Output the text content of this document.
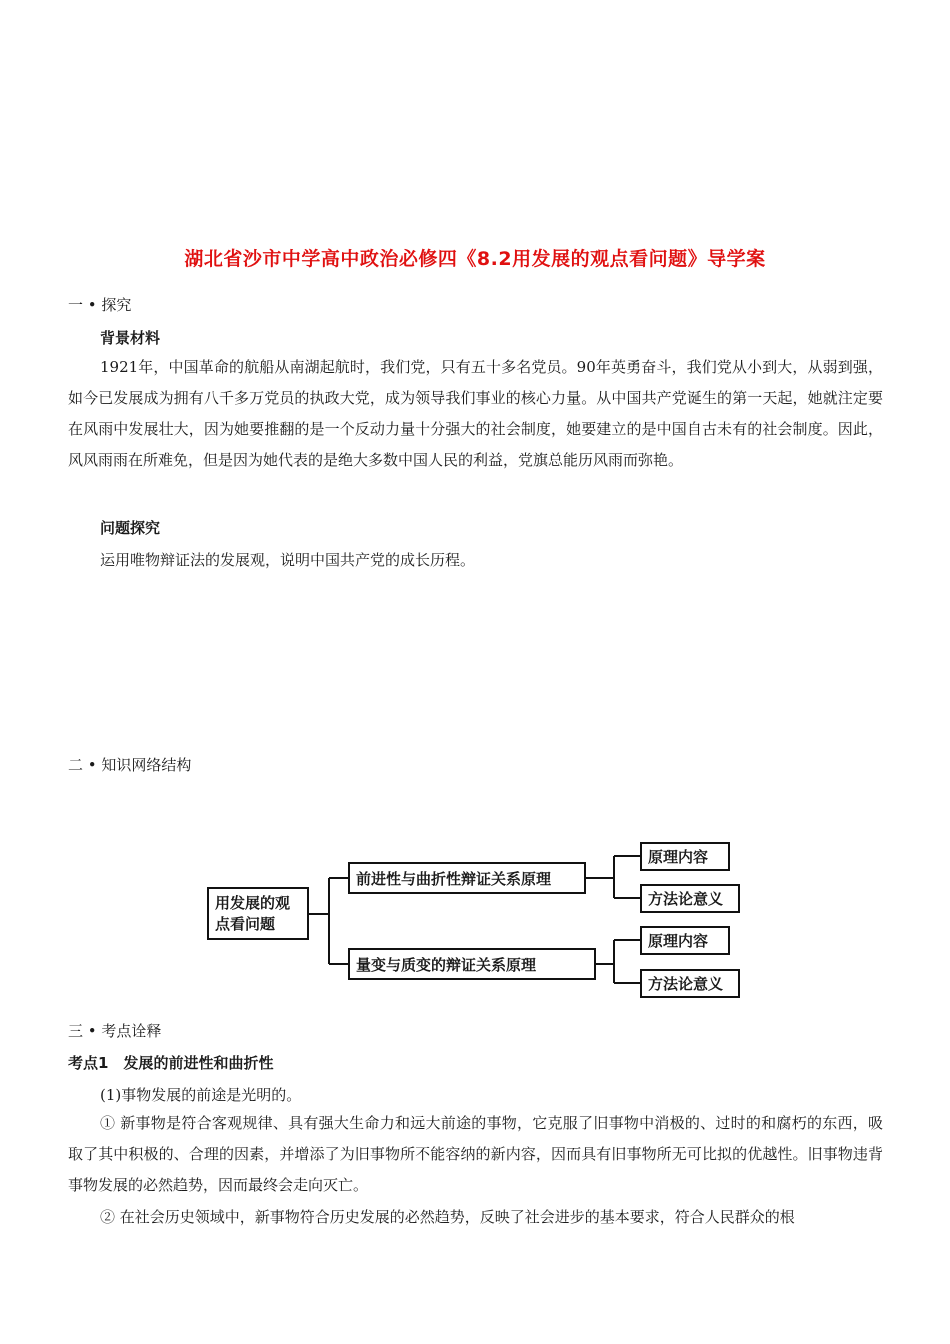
湖北省沙市中学高中政治必修四《8.2用发展的观点看问题》导学案
一 • 探究
背景材料
1921年，中国革命的航船从南湖起航时，我们党，只有五十多名党员。90年英勇奋斗，我们党从小到大，从弱到强，如今已发展成为拥有八千多万党员的执政大党，成为领导我们事业的核心力量。从中国共产党诞生的第一天起，她就注定要在风雨中发展壮大，因为她要推翻的是一个反动力量十分强大的社会制度，她要建立的是中国自古未有的社会制度。因此，风风雨雨在所难免，但是因为她代表的是绝大多数中国人民的利益，党旗总能历风雨而弥艳。
问题探究
运用唯物辩证法的发展观，说明中国共产党的成长历程。
二 • 知识网络结构
用发展的观
点看问题
前进性与曲折性辩证关系原理
量变与质变的辩证关系原理
原理内容
方法论意义
原理内容
方法论意义
三 • 考点诠释
考点1　发展的前进性和曲折性
(1)事物发展的前途是光明的。
① 新事物是符合客观规律、具有强大生命力和远大前途的事物，它克服了旧事物中消极的、过时的和腐朽的东西，吸取了其中积极的、合理的因素，并增添了为旧事物所不能容纳的新内容，因而具有旧事物所无可比拟的优越性。旧事物违背事物发展的必然趋势，因而最终会走向灭亡。
② 在社会历史领域中，新事物符合历史发展的必然趋势，反映了社会进步的基本要求，符合人民群众的根
